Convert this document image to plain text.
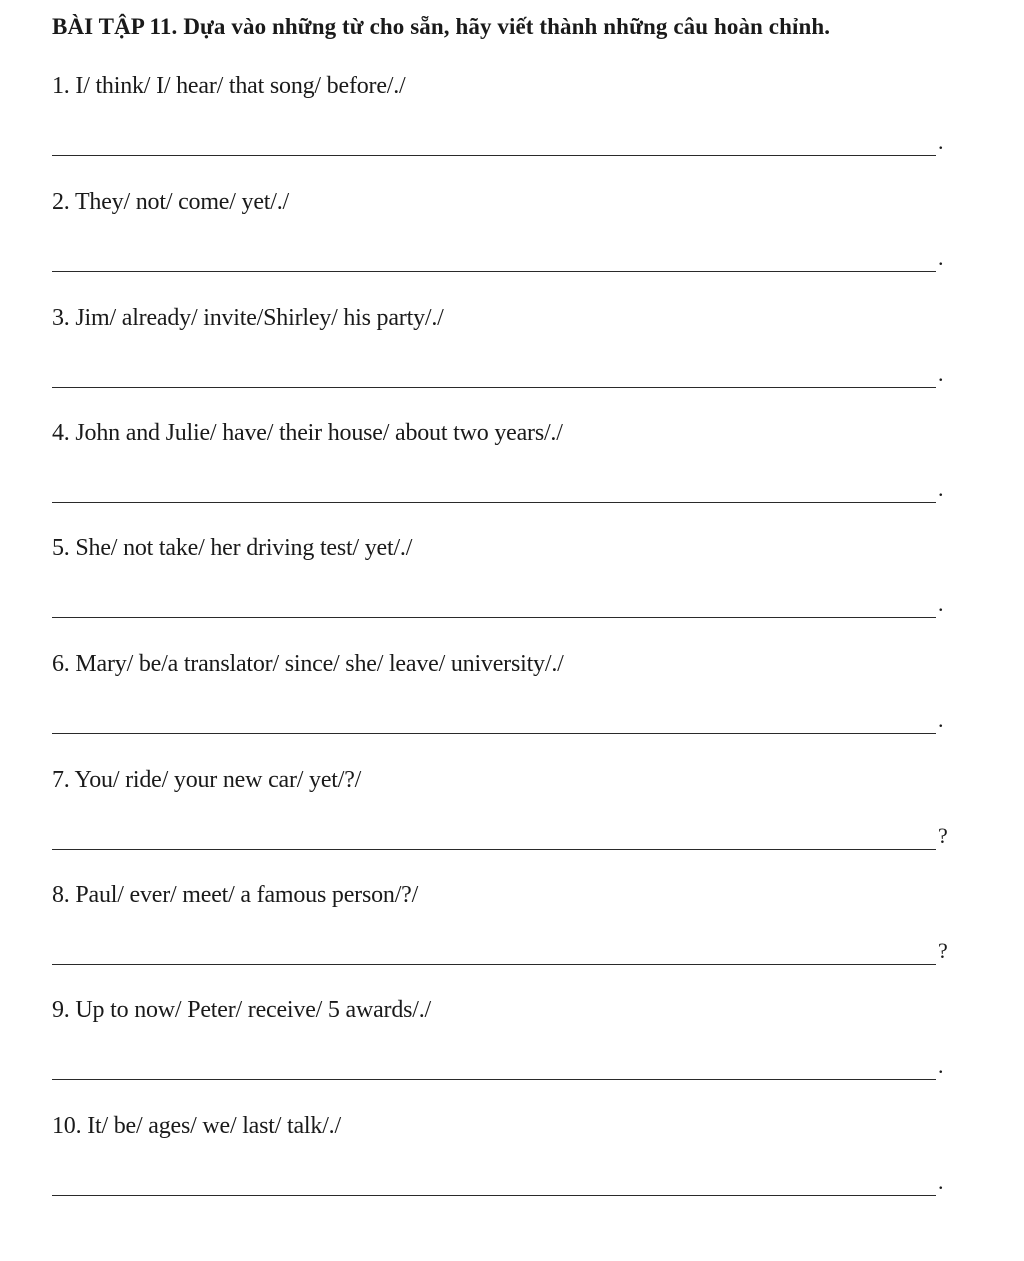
BÀI TẬP 11. Dựa vào những từ cho sẵn, hãy viết thành những câu hoàn chỉnh.
1. I/ think/ I/ hear/ that song/ before/./
.
2. They/ not/ come/ yet/./
.
3. Jim/ already/ invite/Shirley/ his party/./
.
4. John and Julie/ have/ their house/ about two years/./
.
5. She/ not take/ her driving test/ yet/./
.
6. Mary/ be/a translator/ since/ she/ leave/ university/./
.
7. You/ ride/ your new car/ yet/?/
?
8. Paul/ ever/ meet/ a famous person/?/
?
9. Up to now/ Peter/ receive/ 5 awards/./
.
10. It/ be/ ages/ we/ last/ talk/./
.
